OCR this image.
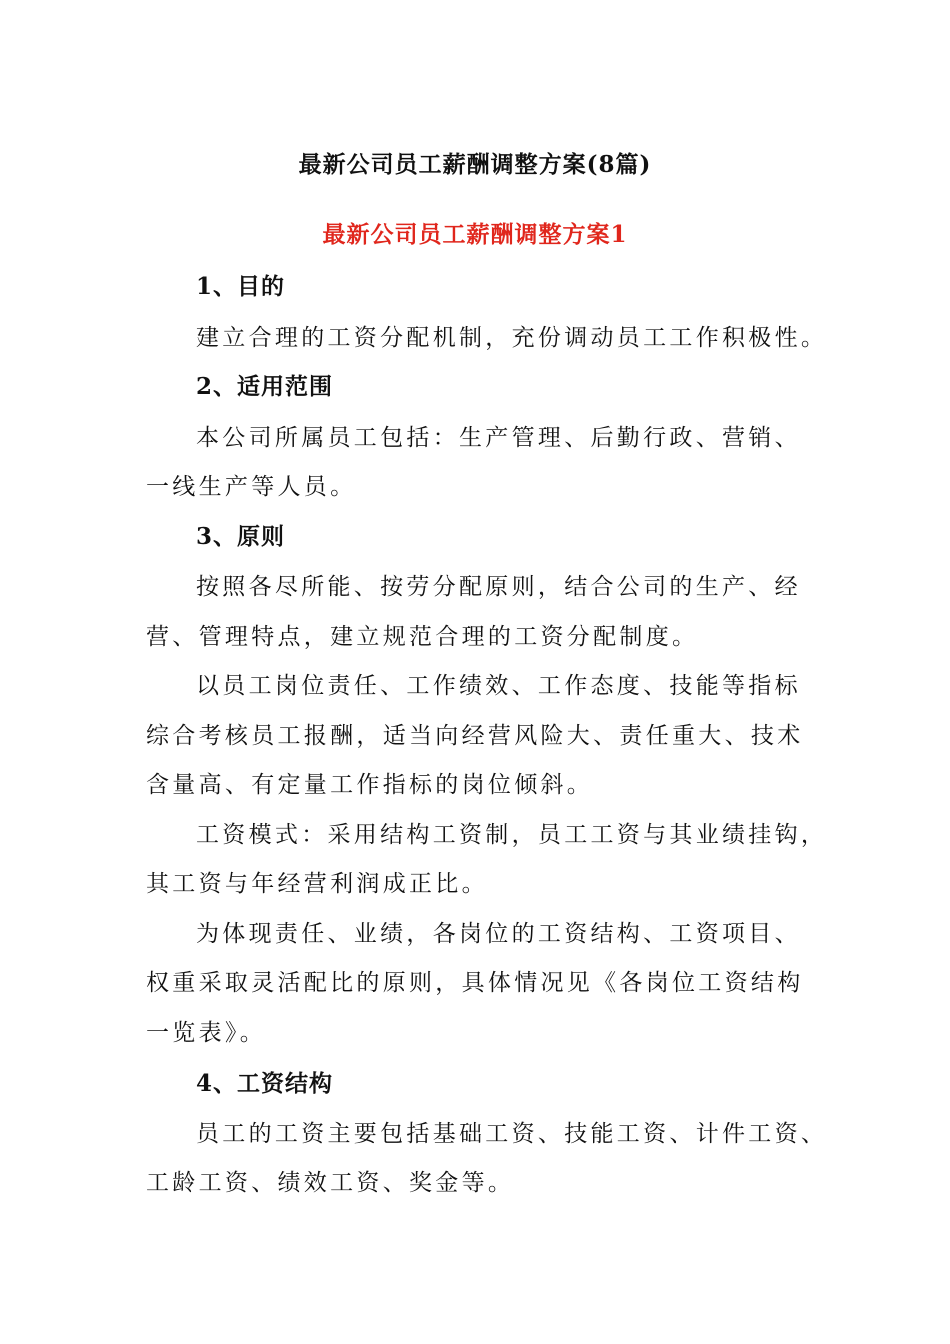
最新公司员工薪酬调整方案(8篇)
最新公司员工薪酬调整方案1
1、目的
建立合理的工资分配机制，充份调动员工工作积极性。
2、适用范围
本公司所属员工包括：生产管理、后勤行政、营销、
一线生产等人员。
3、原则
按照各尽所能、按劳分配原则，结合公司的生产、经
营、管理特点，建立规范合理的工资分配制度。
以员工岗位责任、工作绩效、工作态度、技能等指标
综合考核员工报酬，适当向经营风险大、责任重大、技术
含量高、有定量工作指标的岗位倾斜。
工资模式：采用结构工资制，员工工资与其业绩挂钩，
其工资与年经营利润成正比。
为体现责任、业绩，各岗位的工资结构、工资项目、
权重采取灵活配比的原则，具体情况见《各岗位工资结构
一览表》。
4、工资结构
员工的工资主要包括基础工资、技能工资、计件工资、
工龄工资、绩效工资、奖金等。
